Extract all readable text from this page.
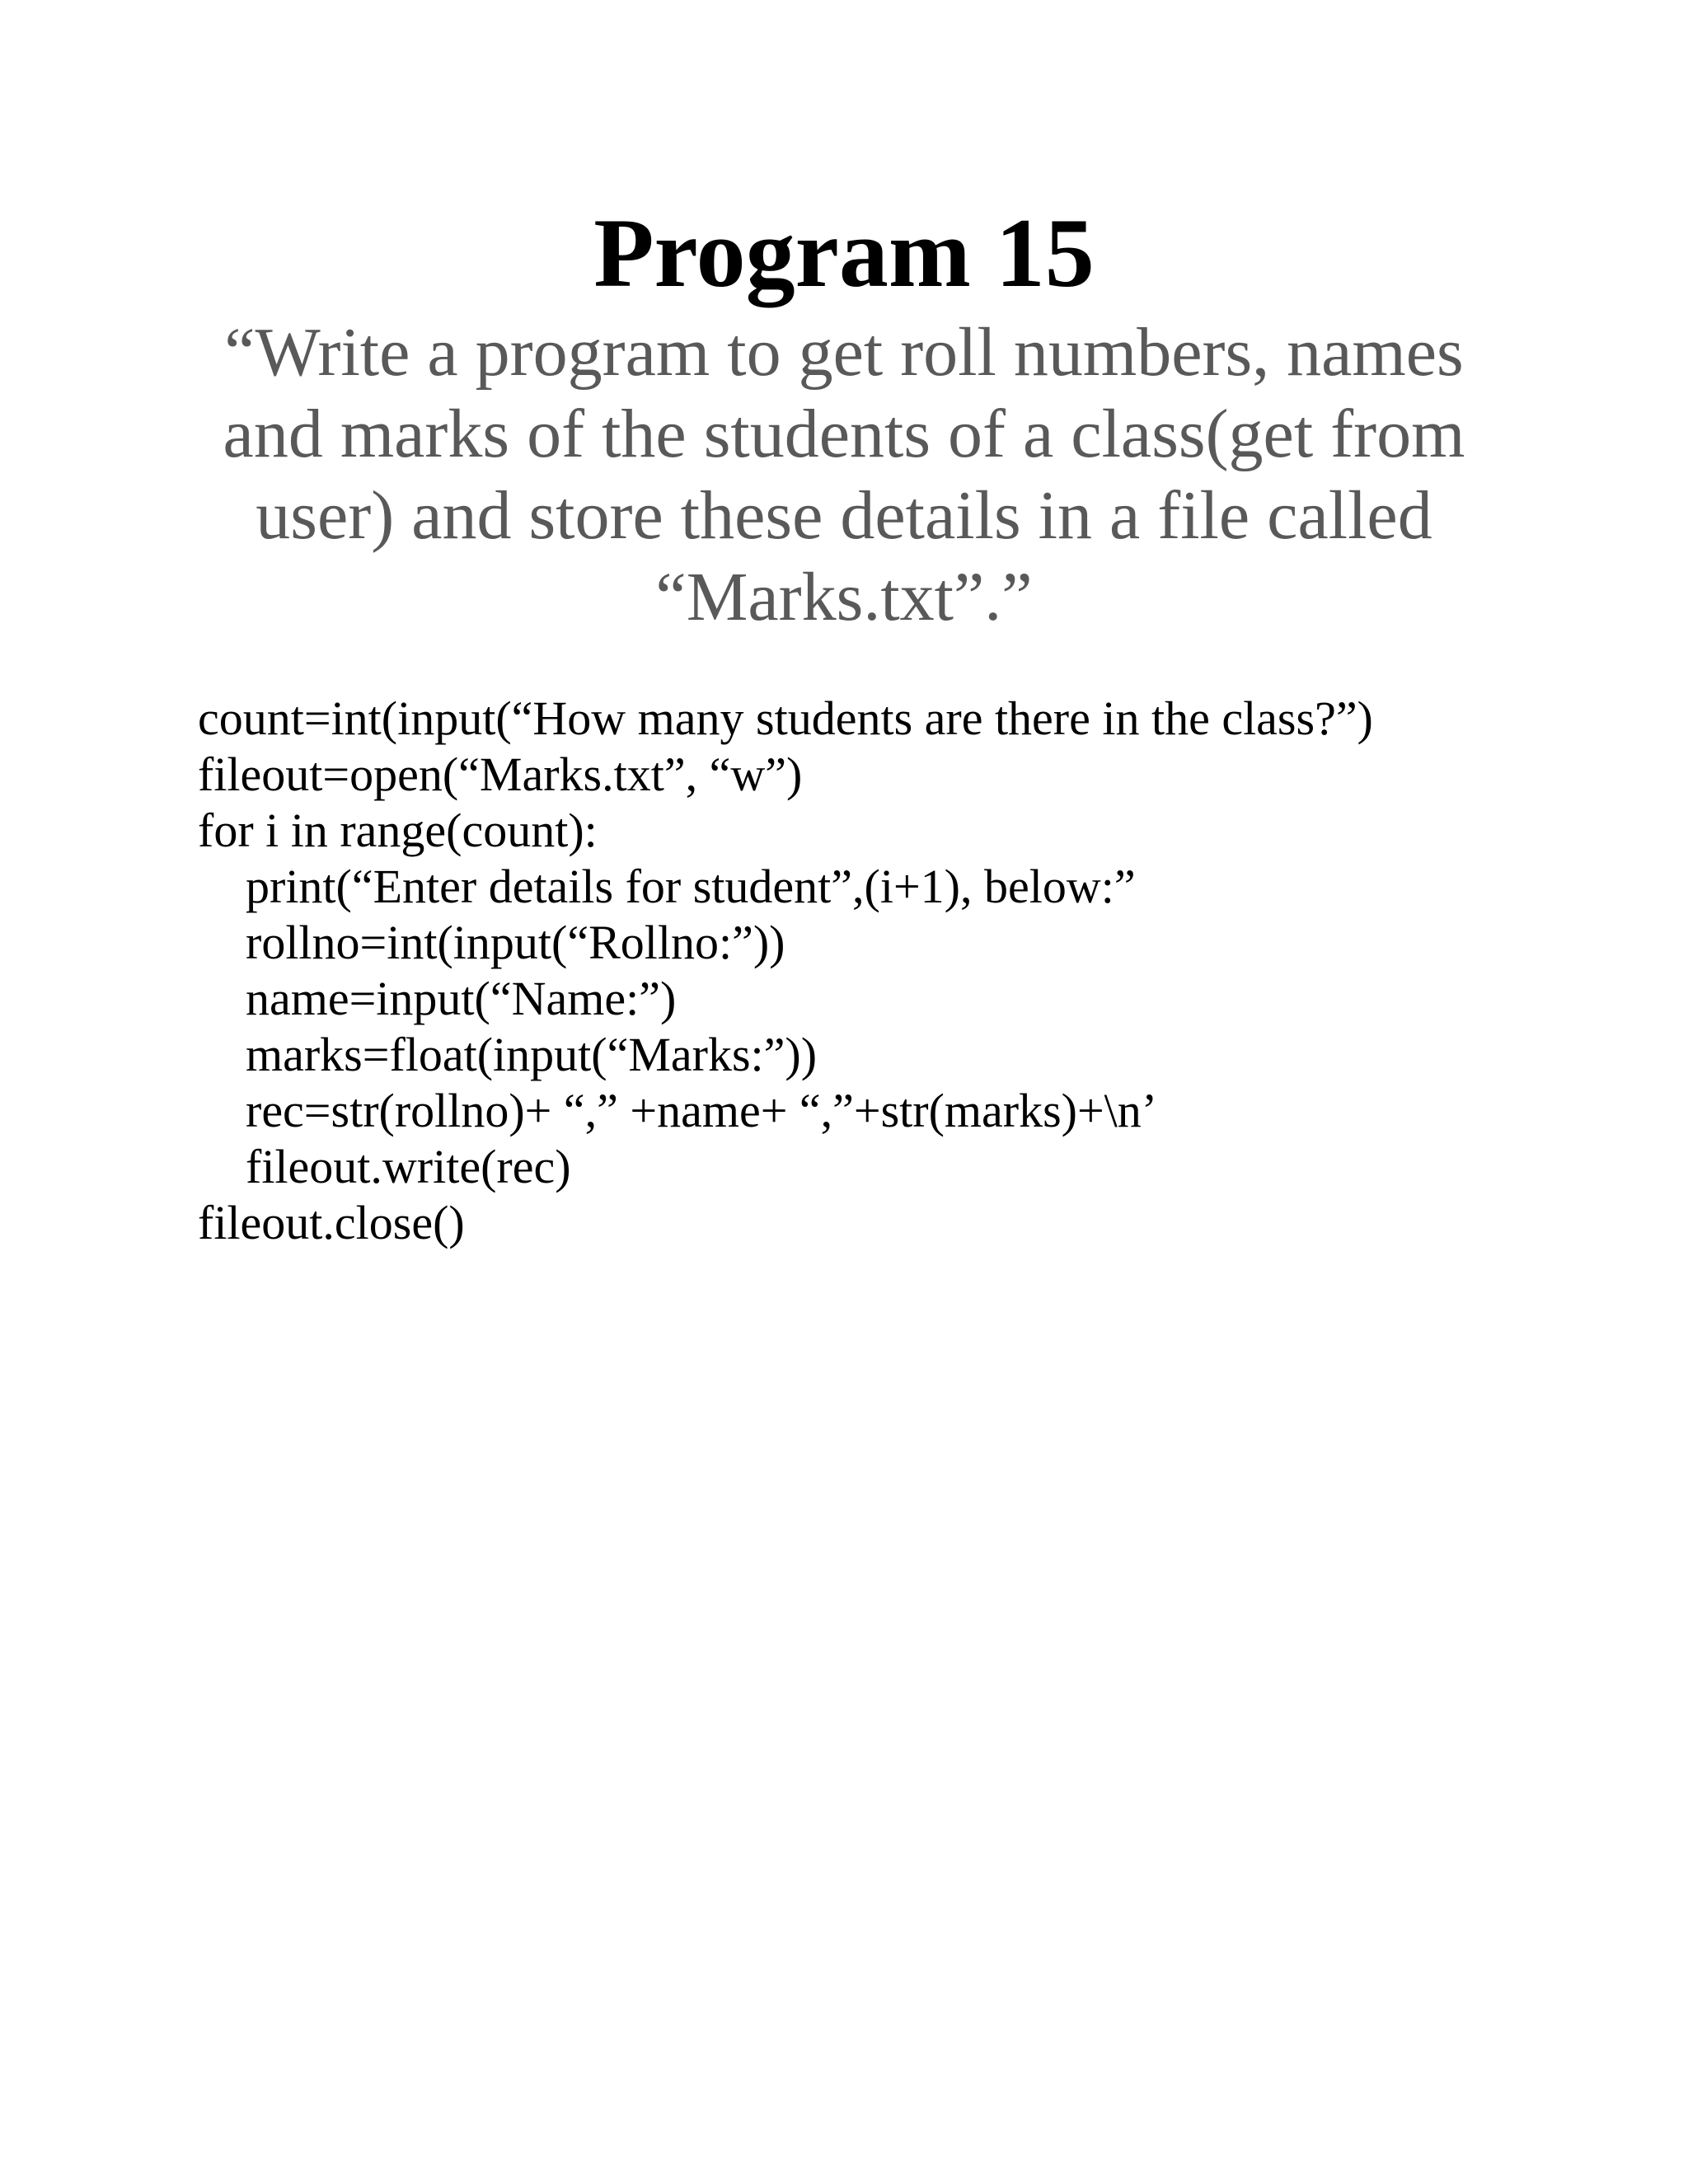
Program 15
“Write a program to get roll numbers, names
and marks of the students of a class(get from
user) and store these details in a file called
“Marks.txt”.”
count=int(input(“How many students are there in the class?”)
fileout=open(“Marks.txt”, “w”)
for i in range(count):
print(“Enter details for student”,(i+1), below:”
rollno=int(input(“Rollno:”))
name=input(“Name:”)
marks=float(input(“Marks:”))
rec=str(rollno)+ “,” +name+ “,”+str(marks)+\n’
fileout.write(rec)
fileout.close()
